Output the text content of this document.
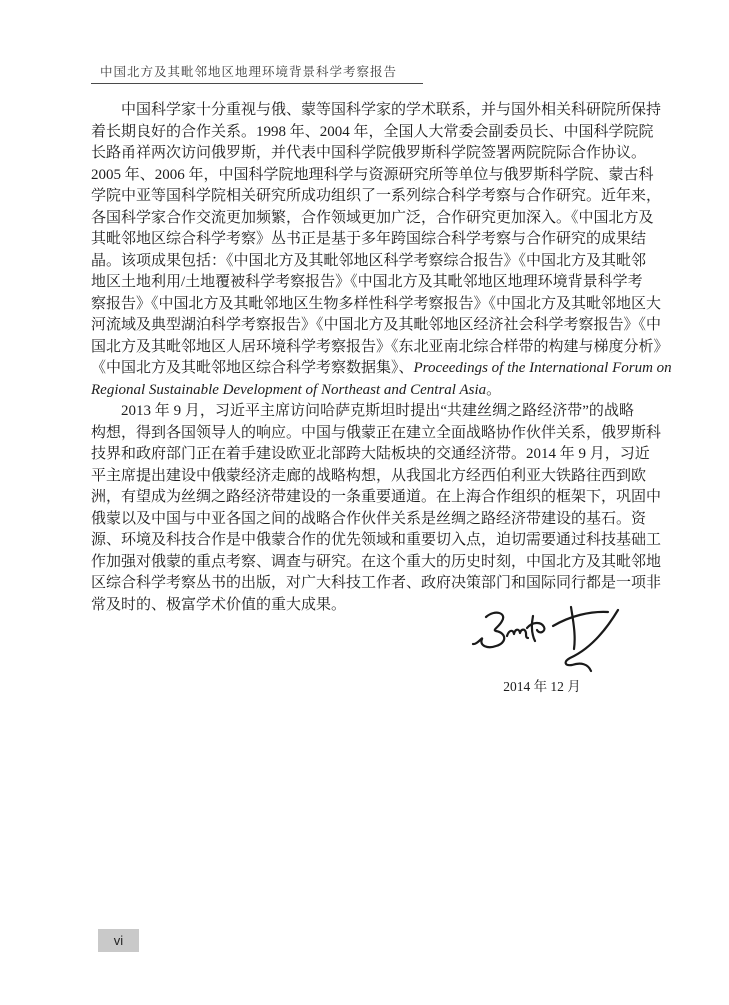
中国北方及其毗邻地区地理环境背景科学考察报告
中国科学家十分重视与俄、蒙等国科学家的学术联系，并与国外相关科研院所保持
着长期良好的合作关系。1998 年、2004 年，全国人大常委会副委员长、中国科学院院
长路甬祥两次访问俄罗斯，并代表中国科学院俄罗斯科学院签署两院院际合作协议。
2005 年、2006 年，中国科学院地理科学与资源研究所等单位与俄罗斯科学院、蒙古科
学院中亚等国科学院相关研究所成功组织了一系列综合科学考察与合作研究。近年来，
各国科学家合作交流更加频繁，合作领域更加广泛，合作研究更加深入。《中国北方及
其毗邻地区综合科学考察》丛书正是基于多年跨国综合科学考察与合作研究的成果结
晶。该项成果包括：《中国北方及其毗邻地区科学考察综合报告》《中国北方及其毗邻
地区土地利用/土地覆被科学考察报告》《中国北方及其毗邻地区地理环境背景科学考
察报告》《中国北方及其毗邻地区生物多样性科学考察报告》《中国北方及其毗邻地区大
河流域及典型湖泊科学考察报告》《中国北方及其毗邻地区经济社会科学考察报告》《中
国北方及其毗邻地区人居环境科学考察报告》《东北亚南北综合样带的构建与梯度分析》
《中国北方及其毗邻地区综合科学考察数据集》、Proceedings of the International Forum on
Regional Sustainable Development of Northeast and Central Asia。
2013 年 9 月，习近平主席访问哈萨克斯坦时提出“共建丝绸之路经济带”的战略
构想，得到各国领导人的响应。中国与俄蒙正在建立全面战略协作伙伴关系，俄罗斯科
技界和政府部门正在着手建设欧亚北部跨大陆板块的交通经济带。2014 年 9 月，习近
平主席提出建设中俄蒙经济走廊的战略构想，从我国北方经西伯利亚大铁路往西到欧
洲，有望成为丝绸之路经济带建设的一条重要通道。在上海合作组织的框架下，巩固中
俄蒙以及中国与中亚各国之间的战略合作伙伴关系是丝绸之路经济带建设的基石。资
源、环境及科技合作是中俄蒙合作的优先领域和重要切入点，迫切需要通过科技基础工
作加强对俄蒙的重点考察、调查与研究。在这个重大的历史时刻，中国北方及其毗邻地
区综合科学考察丛书的出版，对广大科技工作者、政府决策部门和国际同行都是一项非
常及时的、极富学术价值的重大成果。
2014 年 12 月
vi
